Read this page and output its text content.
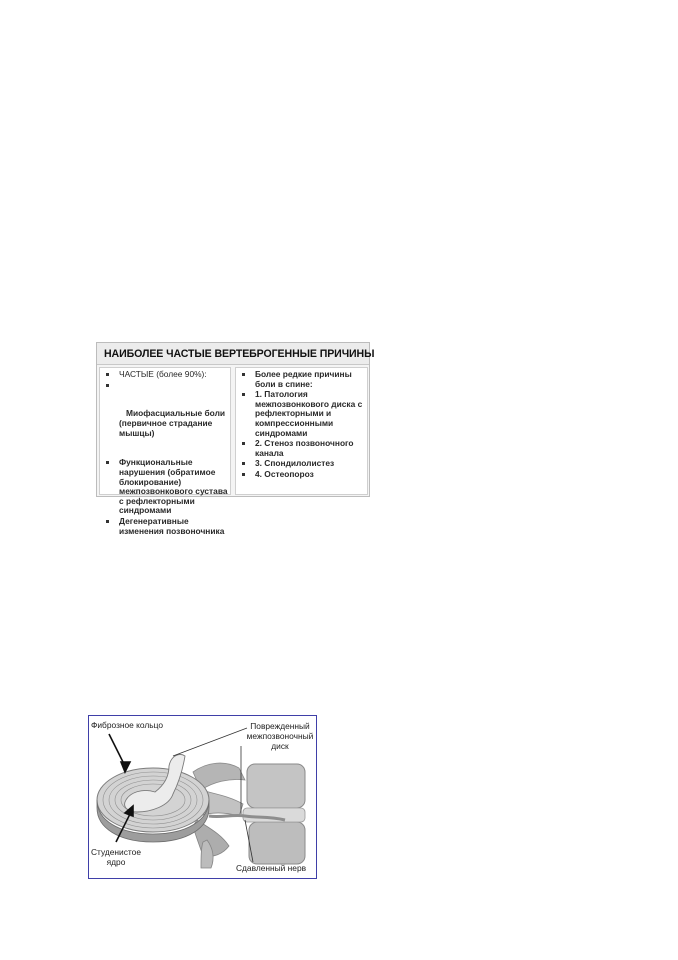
НАИБОЛЕЕ ЧАСТЫЕ ВЕРТЕБРОГЕННЫЕ ПРИЧИНЫ
ЧАСТЫЕ (более 90%):

Миофасциальные боли (первичное страдание мышцы)

Функциональные нарушения (обратимое блокирование) межпозвонкового сустава с рефлекторными синдромами
Дегенеративные изменения позвоночника
Более редкие причины боли в спине:
1. Патология межпозвонкового диска с рефлекторными и компрессионными синдромами
2. Стеноз позвоночного канала
3. Спондилолистез
4. Остеопороз
Фиброзное кольцо	Поврежденный
межпозвоночный
диск
Студенистое
ядро
Сдавленный нерв
